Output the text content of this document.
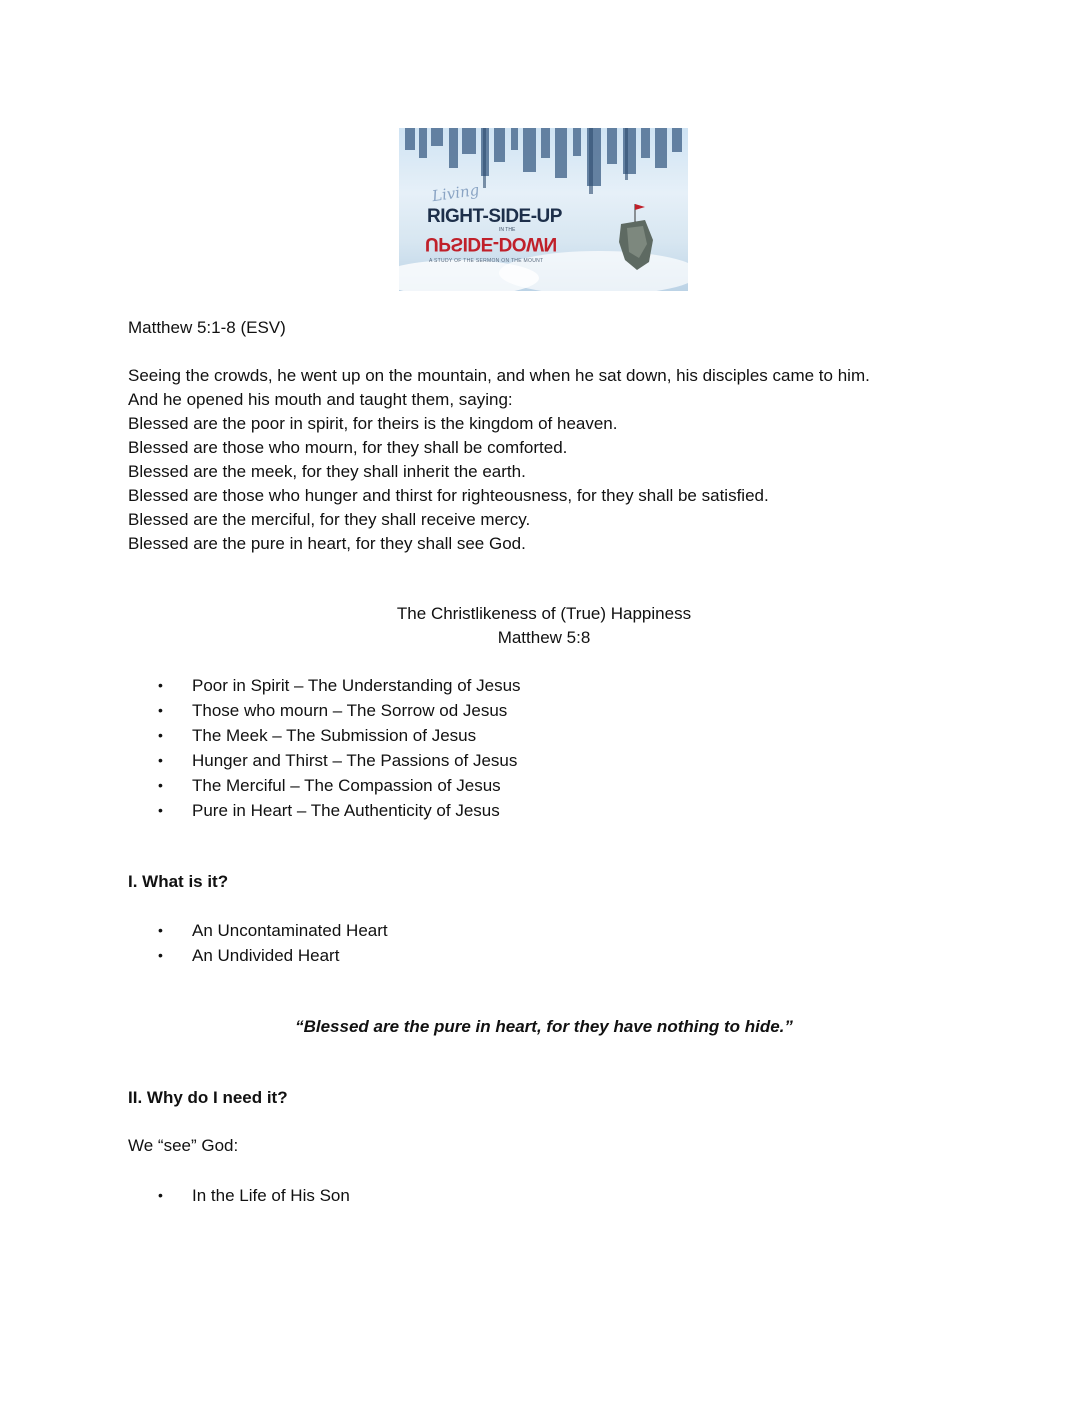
Living
RIGHT-SIDE-UP
IN THE
UPSIDE-DOWN
A STUDY OF THE SERMON ON THE MOUNT
Matthew 5:1-8 (ESV)
Seeing the crowds, he went up on the mountain, and when he sat down, his disciples came to him.
And he opened his mouth and taught them, saying:
Blessed are the poor in spirit, for theirs is the kingdom of heaven.
Blessed are those who mourn, for they shall be comforted.
Blessed are the meek, for they shall inherit the earth.
Blessed are those who hunger and thirst for righteousness, for they shall be satisfied.
Blessed are the merciful, for they shall receive mercy.
Blessed are the pure in heart, for they shall see God.
The Christlikeness of (True) Happiness
Matthew 5:8
• Poor in Spirit – The Understanding of Jesus
• Those who mourn – The Sorrow od Jesus
• The Meek – The Submission of Jesus
• Hunger and Thirst – The Passions of Jesus
• The Merciful – The Compassion of Jesus
• Pure in Heart – The Authenticity of Jesus
I. What is it?
• An Uncontaminated Heart
• An Undivided Heart
“Blessed are the pure in heart, for they have nothing to hide.”
II. Why do I need it?
We “see” God:
• In the Life of His Son
